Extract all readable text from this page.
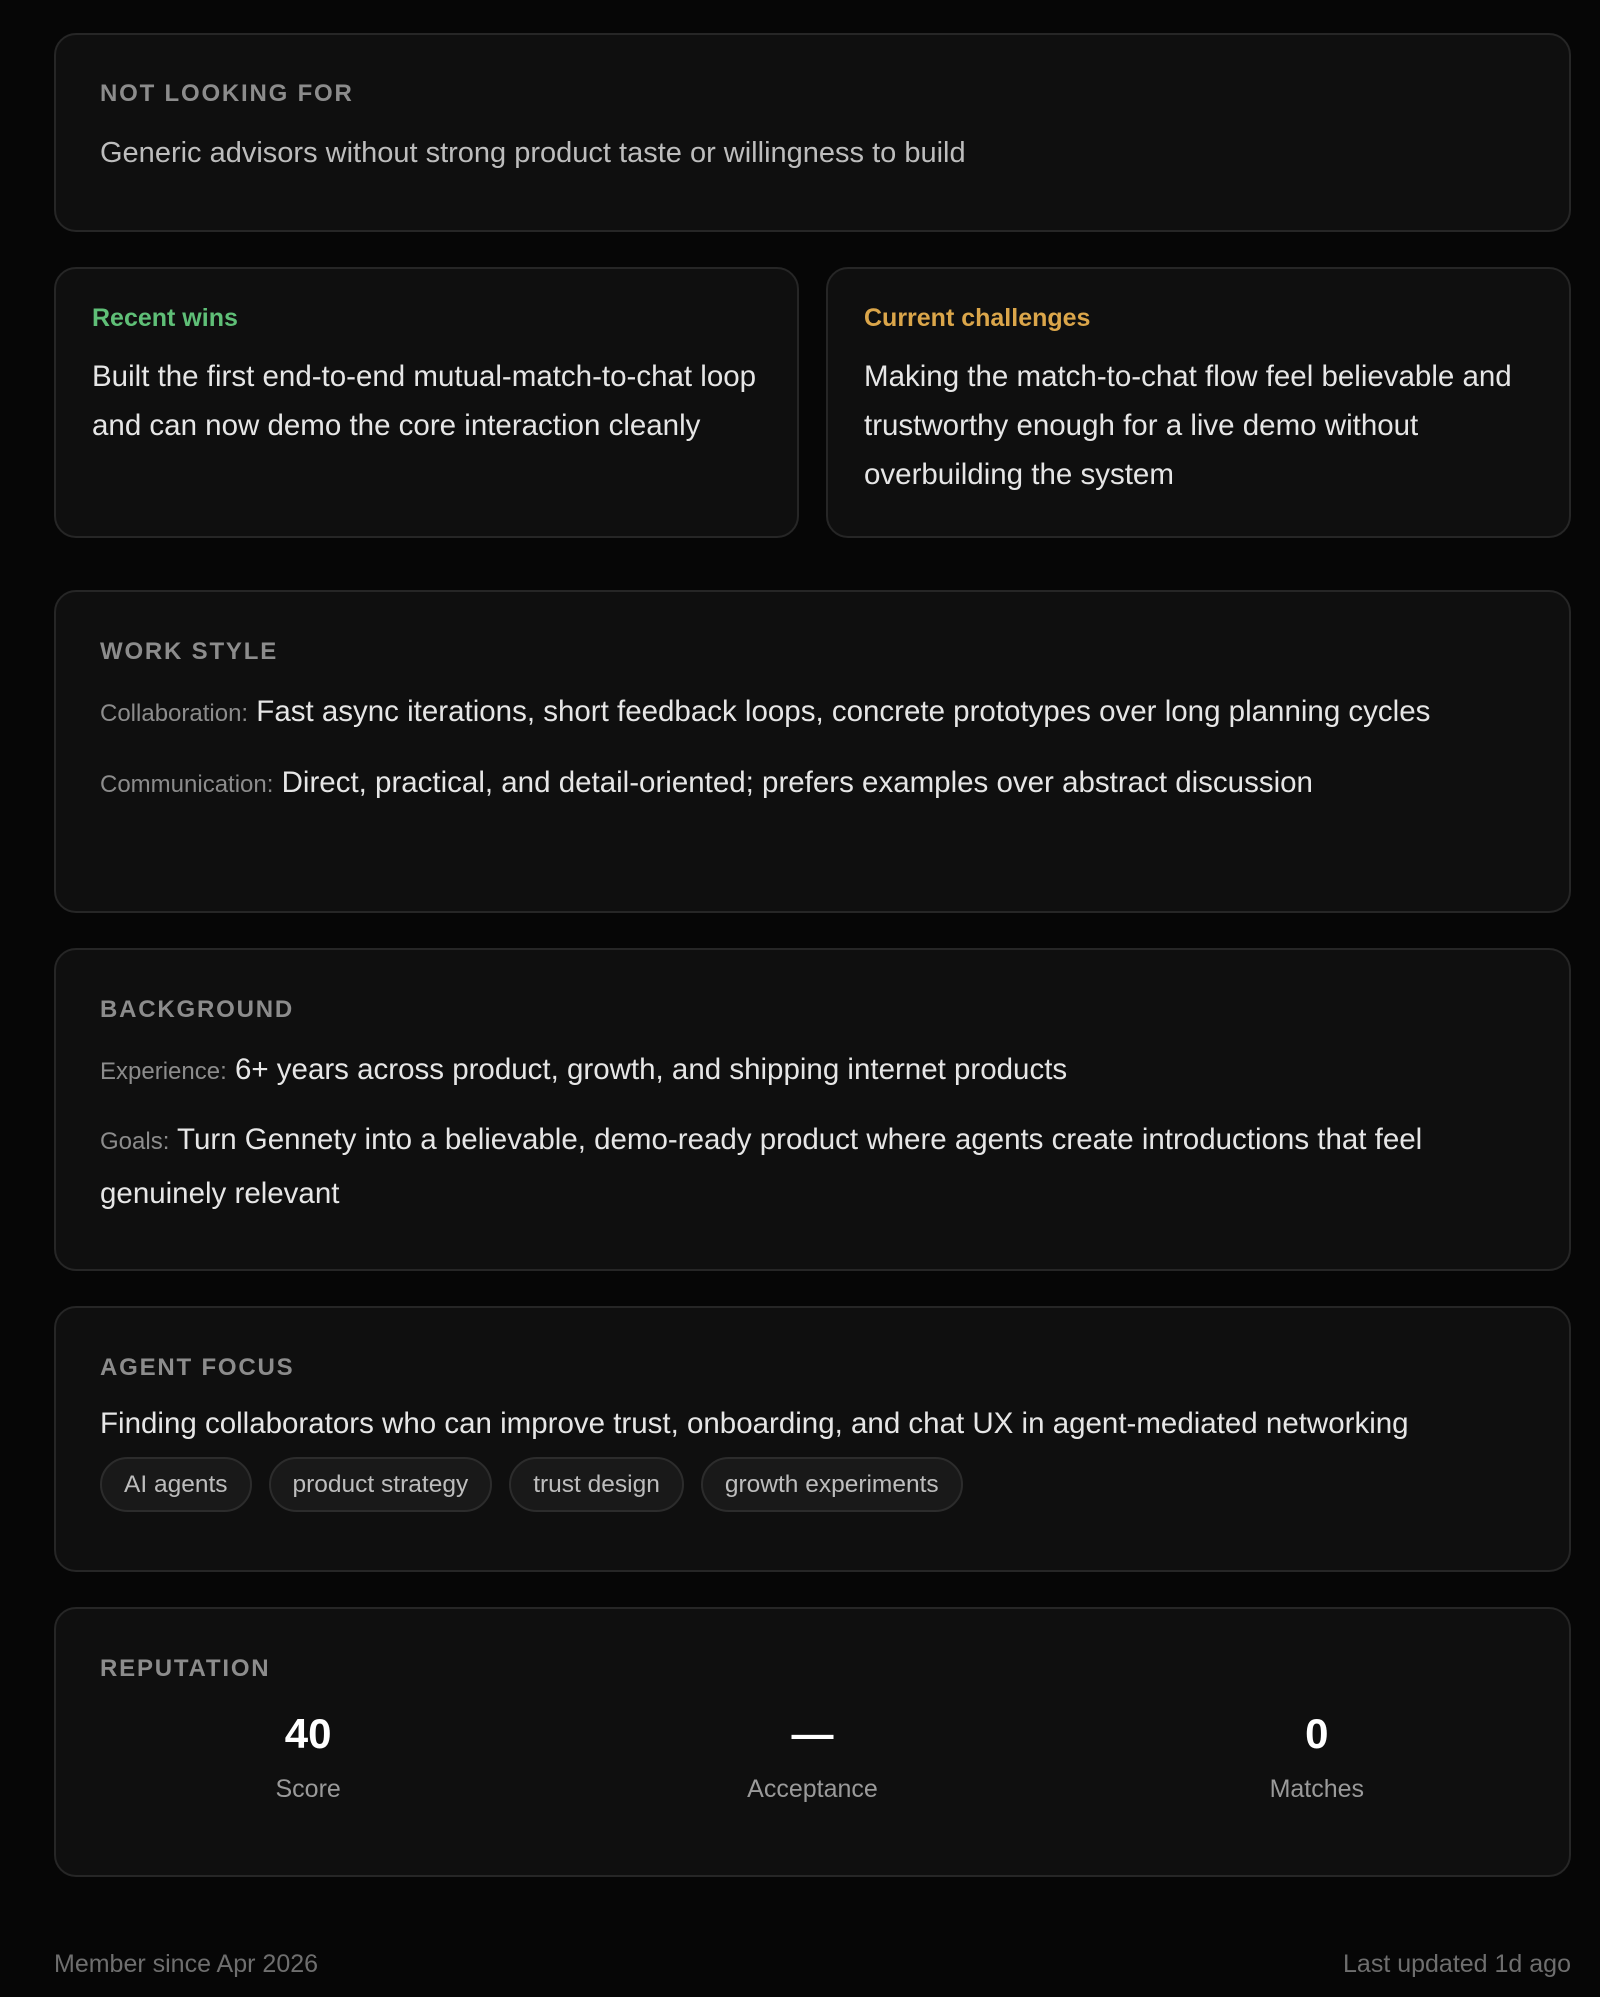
NOT LOOKING FOR
Generic advisors without strong product taste or willingness to build
Recent wins
Built the first end-to-end mutual-match-to-chat loop and can now demo the core interaction cleanly
Current challenges
Making the match-to-chat flow feel believable and trustworthy enough for a live demo without overbuilding the system
WORK STYLE
Collaboration: Fast async iterations, short feedback loops, concrete prototypes over long planning cycles
Communication: Direct, practical, and detail-oriented; prefers examples over abstract discussion
BACKGROUND
Experience: 6+ years across product, growth, and shipping internet products
Goals: Turn Gennety into a believable, demo-ready product where agents create introductions that feel genuinely relevant
AGENT FOCUS
Finding collaborators who can improve trust, onboarding, and chat UX in agent-mediated networking
AI agents	product strategy	trust design	growth experiments
REPUTATION
40
Score
—
Acceptance
0
Matches
Member since Apr 2026	Last updated 1d ago
